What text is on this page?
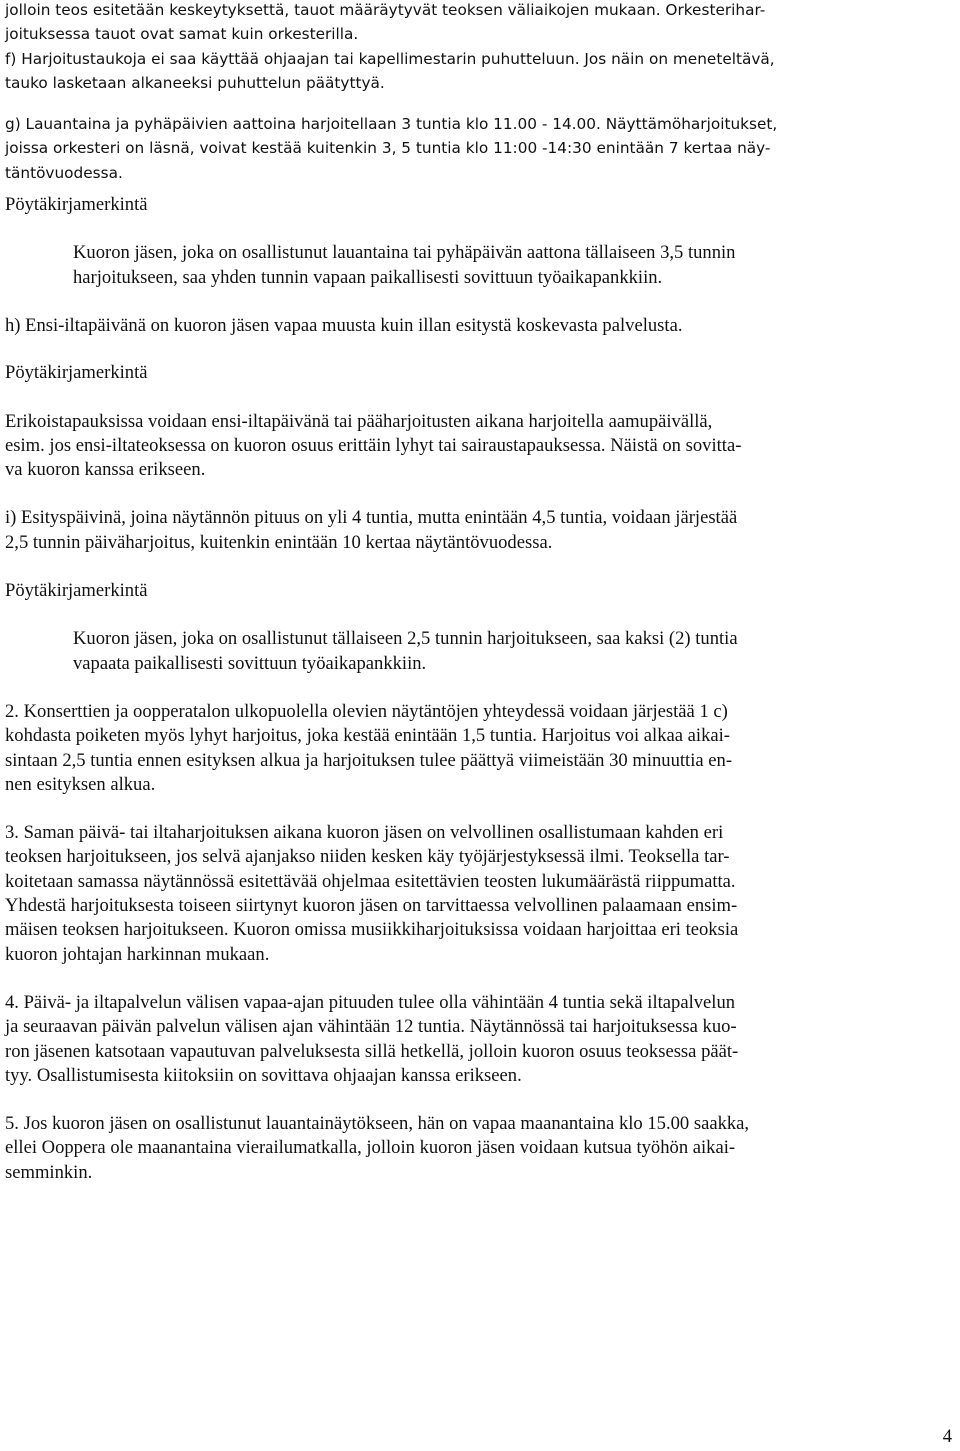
jolloin teos esitetään keskeytyksettä, tauot määräytyvät teoksen väliaikojen mukaan. Orkesterihar-
joituksessa tauot ovat samat kuin orkesterilla.
f) Harjoitustaukoja ei saa käyttää ohjaajan tai kapellimestarin puhutteluun. Jos näin on meneteltävä,
tauko lasketaan alkaneeksi puhuttelun päätyttyä.
g) Lauantaina ja pyhäpäivien aattoina harjoitellaan 3 tuntia klo 11.00 - 14.00. Näyttämöharjoitukset,
joissa orkesteri on läsnä, voivat kestää kuitenkin 3, 5 tuntia klo 11:00 -14:30 enintään 7 kertaa näy-
täntövuodessa.
Pöytäkirjamerkintä
Kuoron jäsen, joka on osallistunut lauantaina tai pyhäpäivän aattona tällaiseen 3,5 tunnin
harjoitukseen, saa yhden tunnin vapaan paikallisesti sovittuun työaikapankkiin.
h) Ensi-iltapäivänä on kuoron jäsen vapaa muusta kuin illan esitystä koskevasta palvelusta.
Pöytäkirjamerkintä
Erikoistapauksissa voidaan ensi-iltapäivänä tai pääharjoitusten aikana harjoitella aamupäivällä,
esim. jos ensi-iltateoksessa on kuoron osuus erittäin lyhyt tai sairaustapauksessa. Näistä on sovitta-
va kuoron kanssa erikseen.
i) Esityspäivinä, joina näytännön pituus on yli 4 tuntia, mutta enintään 4,5 tuntia, voidaan järjestää
2,5 tunnin päiväharjoitus, kuitenkin enintään 10 kertaa näytäntövuodessa.
Pöytäkirjamerkintä
Kuoron jäsen, joka on osallistunut tällaiseen 2,5 tunnin harjoitukseen, saa kaksi (2) tuntia
vapaata paikallisesti sovittuun työaikapankkiin.
2. Konserttien ja oopperatalon ulkopuolella olevien näytäntöjen yhteydessä voidaan järjestää 1 c)
kohdasta poiketen myös lyhyt harjoitus, joka kestää enintään 1,5 tuntia. Harjoitus voi alkaa aikai-
sintaan 2,5 tuntia ennen esityksen alkua ja harjoituksen tulee päättyä viimeistään 30 minuuttia en-
nen esityksen alkua.
3. Saman päivä- tai iltaharjoituksen aikana kuoron jäsen on velvollinen osallistumaan kahden eri
teoksen harjoitukseen, jos selvä ajanjakso niiden kesken käy työjärjestyksessä ilmi. Teoksella tar-
koitetaan samassa näytännössä esitettävää ohjelmaa esitettävien teosten lukumäärästä riippumatta.
Yhdestä harjoituksesta toiseen siirtynyt kuoron jäsen on tarvittaessa velvollinen palaamaan ensim-
mäisen teoksen harjoitukseen. Kuoron omissa musiikkiharjoituksissa voidaan harjoittaa eri teoksia
kuoron johtajan harkinnan mukaan.
4. Päivä- ja iltapalvelun välisen vapaa-ajan pituuden tulee olla vähintään 4 tuntia sekä iltapalvelun
ja seuraavan päivän palvelun välisen ajan vähintään 12 tuntia. Näytännössä tai harjoituksessa kuo-
ron jäsenen katsotaan vapautuvan palveluksesta sillä hetkellä, jolloin kuoron osuus teoksessa päät-
tyy. Osallistumisesta kiitoksiin on sovittava ohjaajan kanssa erikseen.
5. Jos kuoron jäsen on osallistunut lauantainäytökseen, hän on vapaa maanantaina klo 15.00 saakka,
ellei Ooppera ole maanantaina vierailumatkalla, jolloin kuoron jäsen voidaan kutsua työhön aikai-
semminkin.
4
